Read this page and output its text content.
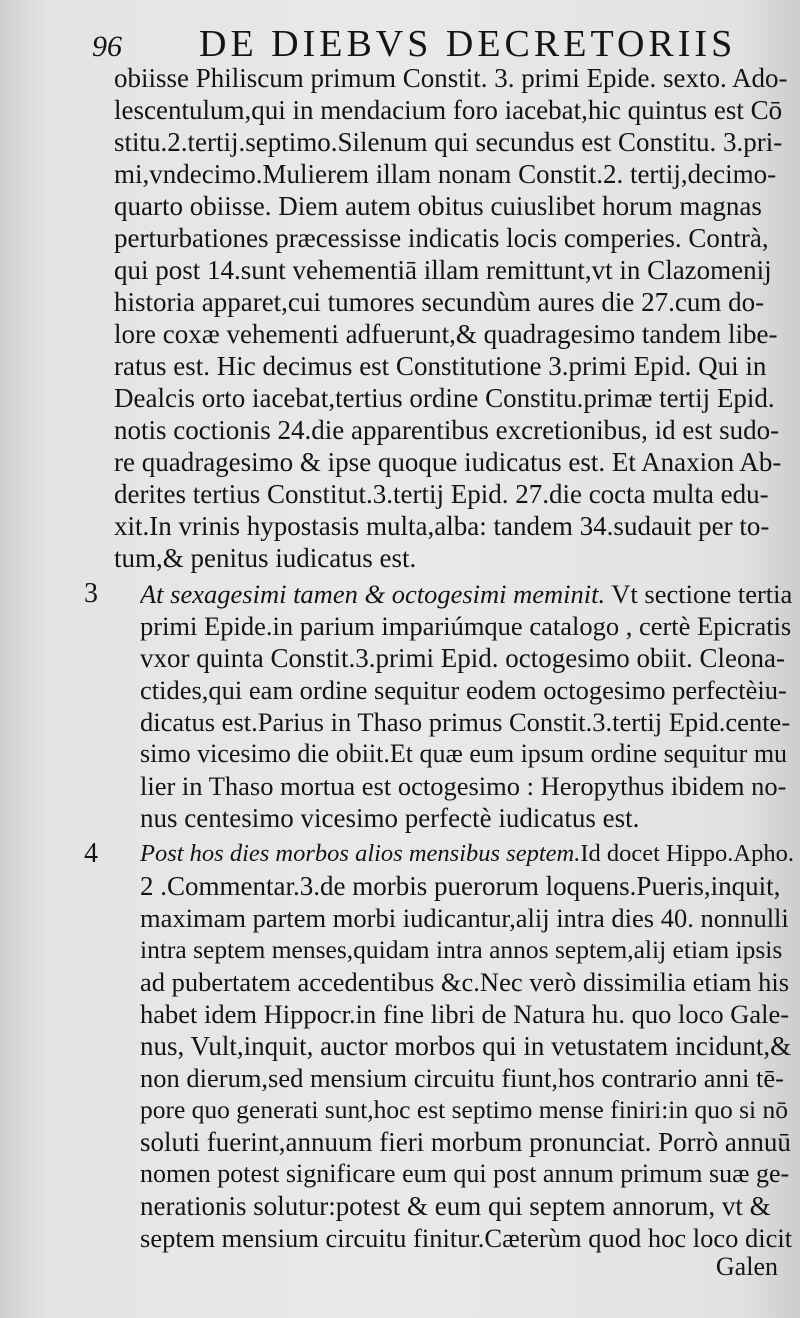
96 DE DIEBVS DECRETORIIS
obiisse Philiscum primum Constit. 3. primi Epide. sexto. Ado-
lescentulum,qui in mendacium foro iacebat,hic quintus est Cō
stitu.2.tertij.septimo.Silenum qui secundus est Constitu. 3.pri-
mi,vndecimo.Mulierem illam nonam Constit.2. tertij,decimo-
quarto obiisse. Diem autem obitus cuiuslibet horum magnas
perturbationes præcessisse indicatis locis comperies. Contrà,
qui post 14.sunt vehementiā illam remittunt,vt in Clazomenij
historia apparet,cui tumores secundùm aures die 27.cum do-
lore coxæ vehementi adfuerunt,& quadragesimo tandem libe-
ratus est. Hic decimus est Constitutione 3.primi Epid. Qui in
Dealcis orto iacebat,tertius ordine Constitu.primæ tertij Epid.
notis coctionis 24.die apparentibus excretionibus, id est sudo-
re quadragesimo & ipse quoque iudicatus est. Et Anaxion Ab-
derites tertius Constitut.3.tertij Epid. 27.die cocta multa edu-
xit.In vrinis hypostasis multa,alba: tandem 34.sudauit per to-
tum,& penitus iudicatus est.
3 At sexagesimi tamen & octogesimi meminit. Vt sectione tertia
primi Epide.in parium impariúmque catalogo , certè Epicratis
vxor quinta Constit.3.primi Epid. octogesimo obiit. Cleona-
ctides,qui eam ordine sequitur eodem octogesimo perfectèiu-
dicatus est.Parius in Thaso primus Constit.3.tertij Epid.cente-
simo vicesimo die obiit.Et quæ eum ipsum ordine sequitur mu
lier in Thaso mortua est octogesimo : Heropythus ibidem no-
nus centesimo vicesimo perfectè iudicatus est.
4 Post hos dies morbos alios mensibus septem.Id docet Hippo.Apho.
2 .Commentar.3.de morbis puerorum loquens.Pueris,inquit,
maximam partem morbi iudicantur,alij intra dies 40. nonnulli
intra septem menses,quidam intra annos septem,alij etiam ipsis
ad pubertatem accedentibus &c.Nec verò dissimilia etiam his
habet idem Hippocr.in fine libri de Natura hu. quo loco Gale-
nus, Vult,inquit, auctor morbos qui in vetustatem incidunt,&
non dierum,sed mensium circuitu fiunt,hos contrario anni tē-
pore quo generati sunt,hoc est septimo mense finiri:in quo si nō
soluti fuerint,annuum fieri morbum pronunciat. Porrò annuū
nomen potest significare eum qui post annum primum suæ ge-
nerationis solutur:potest & eum qui septem annorum, vt &
septem mensium circuitu finitur.Cæterùm quod hoc loco dicit
Galen
